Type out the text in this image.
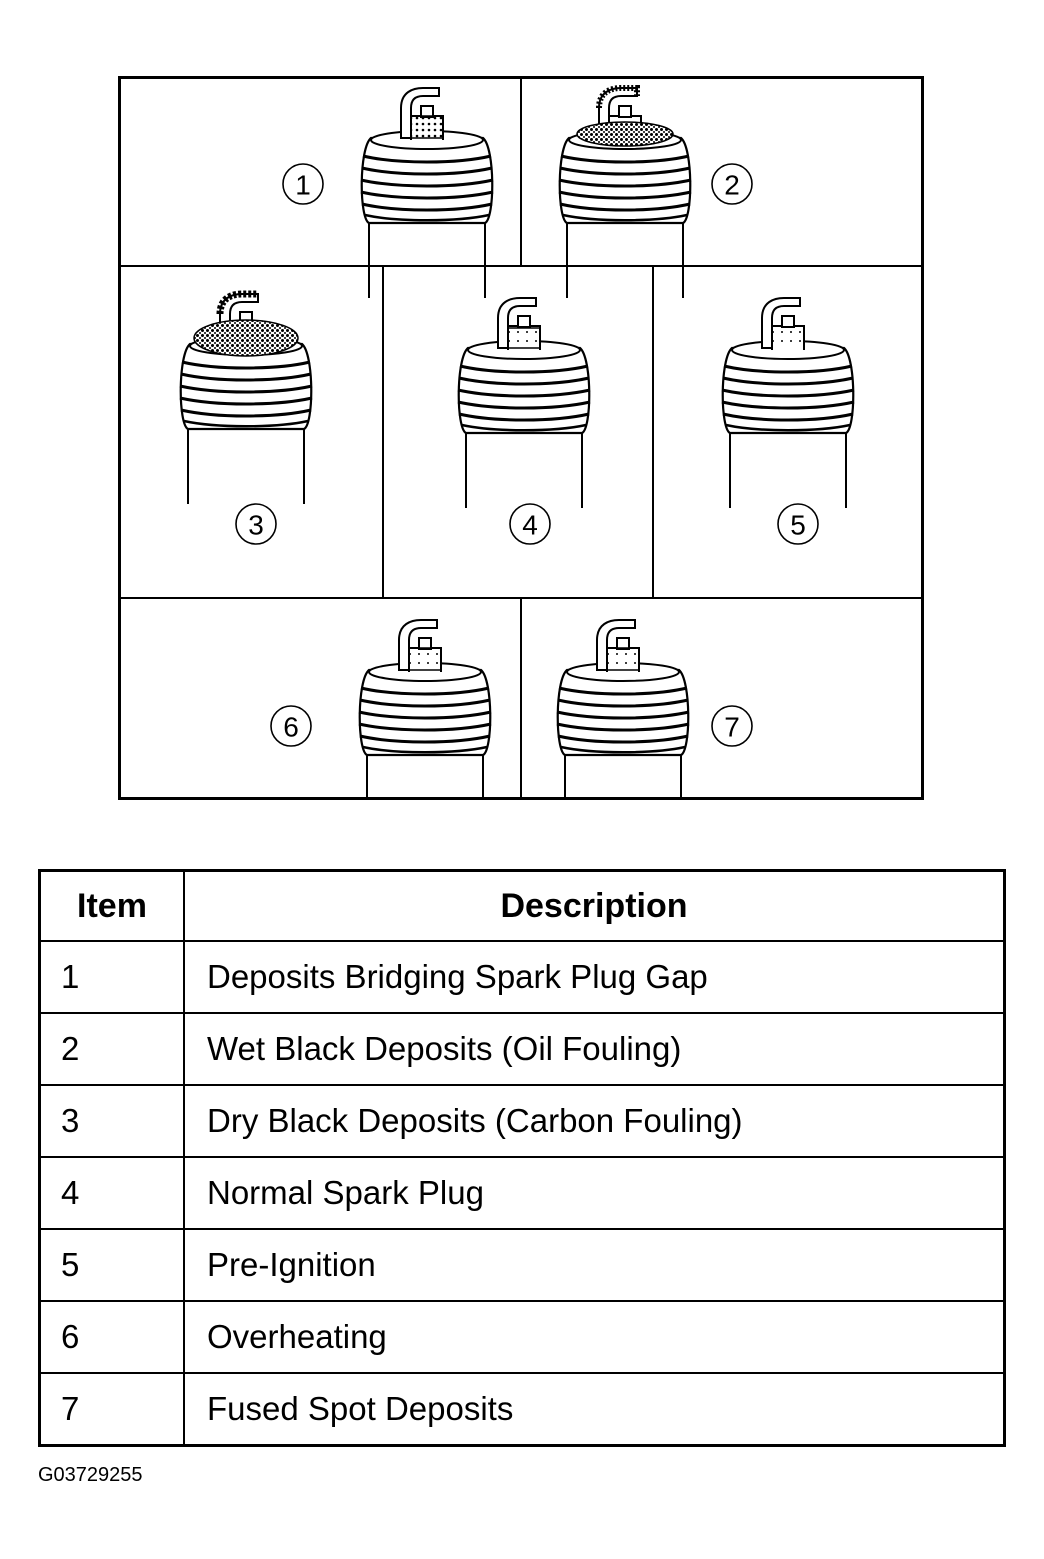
1	2
3	4	5
6	7
Item	Description
1	Deposits Bridging Spark Plug Gap
2	Wet Black Deposits (Oil Fouling)
3	Dry Black Deposits (Carbon Fouling)
4	Normal Spark Plug
5	Pre-Ignition
6	Overheating
7	Fused Spot Deposits
G03729255
